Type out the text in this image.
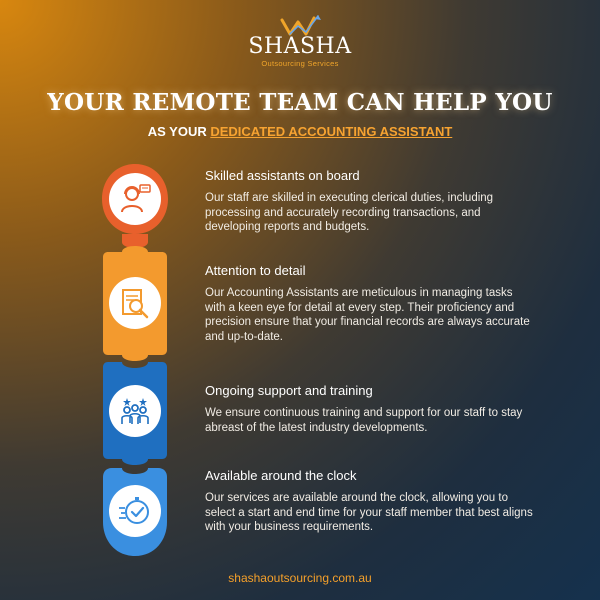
SHASHA
Outsourcing Services
YOUR REMOTE TEAM CAN HELP YOU
AS YOUR DEDICATED ACCOUNTING ASSISTANT
Skilled assistants on board
Our staff are skilled in executing clerical duties, including processing and accurately recording transactions, and developing reports and budgets.
Attention to detail
Our Accounting Assistants are meticulous in managing tasks with a keen eye for detail at every step. Their proficiency and precision ensure that your financial records are always accurate and up-to-date.
Ongoing support and training
We ensure continuous training and support for our staff to stay abreast of the latest industry developments.
Available around the clock
Our services are available around the clock, allowing you to select a start and end time for your staff member that best aligns with your business requirements.
shashaoutsourcing.com.au
